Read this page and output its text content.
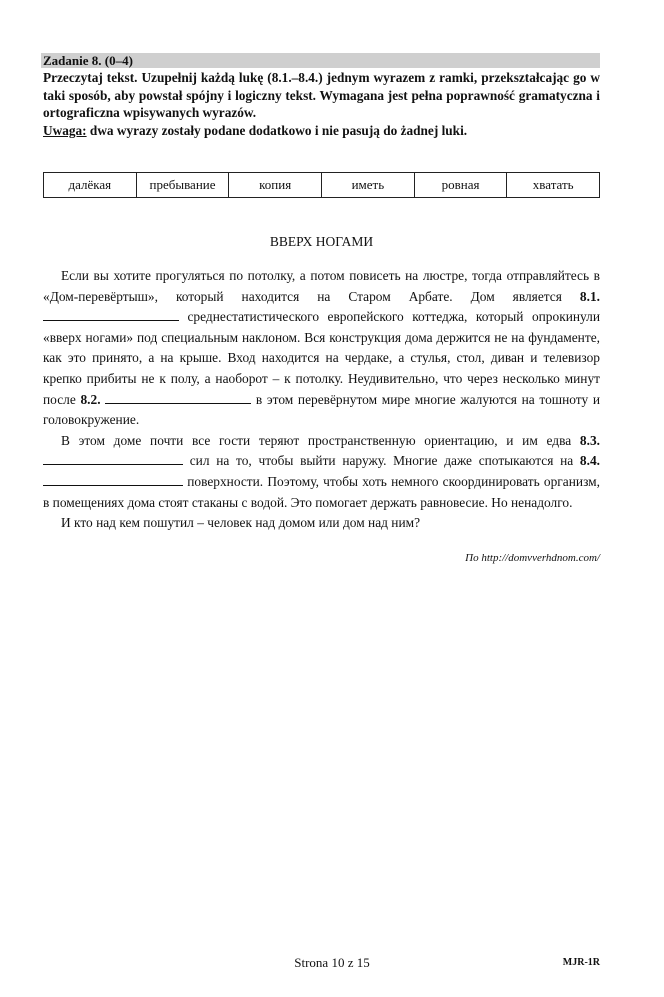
Zadanie 8. (0–4)
Przeczytaj tekst. Uzupełnij każdą lukę (8.1.–8.4.) jednym wyrazem z ramki, przekształcając go w taki sposób, aby powstał spójny i logiczny tekst. Wymagana jest pełna poprawność gramatyczna i ortograficzna wpisywanych wyrazów.
Uwaga: dwa wyrazy zostały podane dodatkowo i nie pasują do żadnej luki.
далёкая	пребывание	копия	иметь	ровная	хватать
ВВЕРХ НОГАМИ

Если вы хотите прогуляться по потолку, а потом повисеть на люстре, тогда отправляйтесь в «Дом-перевёртыш», который находится на Старом Арбате. Дом является 8.1.  среднестатистического европейского коттеджа, который опрокинули «вверх ногами» под специальным наклоном. Вся конструкция дома держится не на фундаменте, как это принято, а на крыше. Вход находится на чердаке, а стулья, стол, диван и телевизор крепко прибиты не к полу, а наоборот – к потолку. Неудивительно, что через несколько минут после 8.2.	в этом перевёрнутом мире многие жалуются на тошноту и головокружение.

В этом доме почти все гости теряют пространственную ориентацию, и им едва 8.3.  сил на то, чтобы выйти наружу. Многие даже спотыкаются на 8.4.  поверхности. Поэтому, чтобы хоть немного скоординировать организм, в помещениях дома стоят стаканы с водой. Это помогает держать равновесие. Но ненадолго.

И кто над кем пошутил – человек над домом или дом над ним?

По http://domvverhdnom.com/
Strona 10 z 15	MJR-1R
